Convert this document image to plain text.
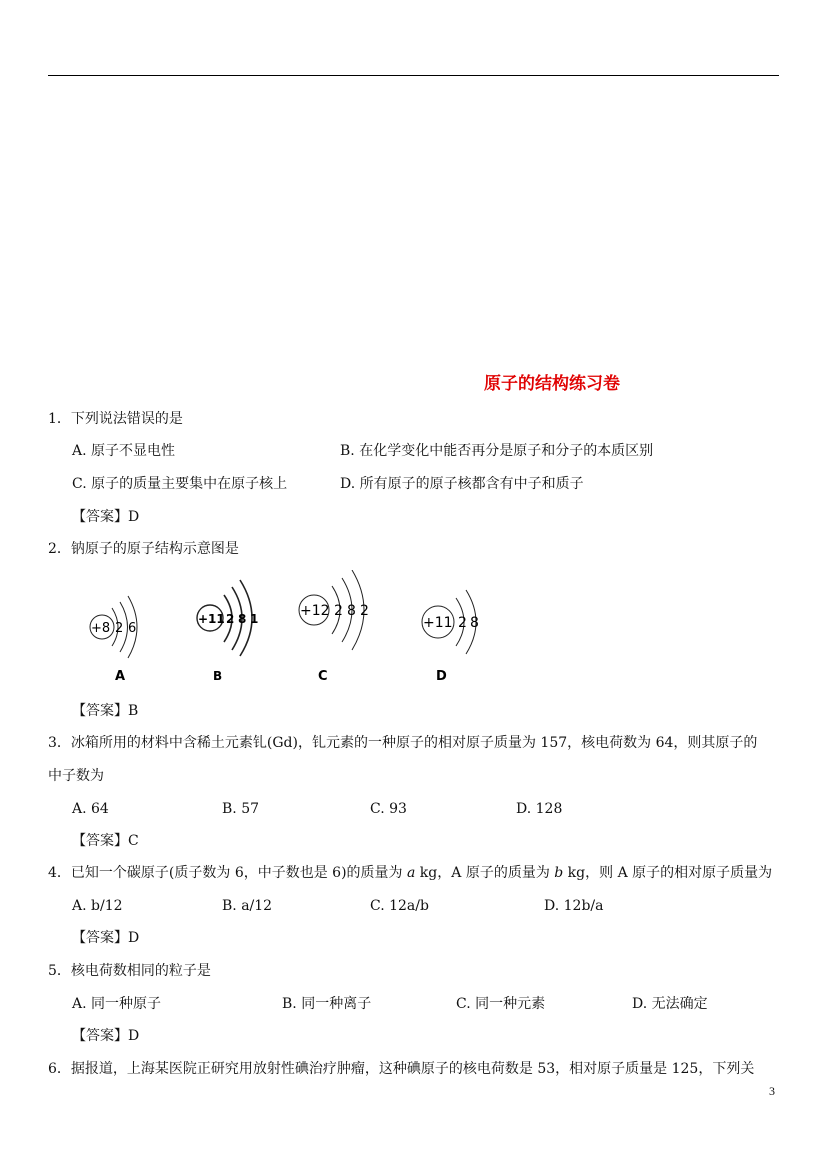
原子的结构练习卷
1．下列说法错误的是
A. 原子不显电性	B. 在化学变化中能否再分是原子和分子的本质区别
C. 原子的质量主要集中在原子核上	D. 所有原子的原子核都含有中子和质子
【答案】D
2．钠原子的原子结构示意图是
+8 2 6
A
+11 2 8 1
B
+12 2 8 2
C
+11 2 8
D
【答案】B
3．冰箱所用的材料中含稀土元素钆(Gd)，钆元素的一种原子的相对原子质量为 157，核电荷数为 64，则其原子的
中子数为
A. 64	B. 57	C. 93	D. 128
【答案】C
4．已知一个碳原子(质子数为 6，中子数也是 6)的质量为 a kg，A 原子的质量为 b kg，则 A 原子的相对原子质量为
A. b/12	B. a/12	C. 12a/b	D. 12b/a
【答案】D
5．核电荷数相同的粒子是
A. 同一种原子	B. 同一种离子	C. 同一种元素	D. 无法确定
【答案】D
6．据报道，上海某医院正研究用放射性碘治疗肿瘤，这种碘原子的核电荷数是 53，相对原子质量是 125，下列关
3
